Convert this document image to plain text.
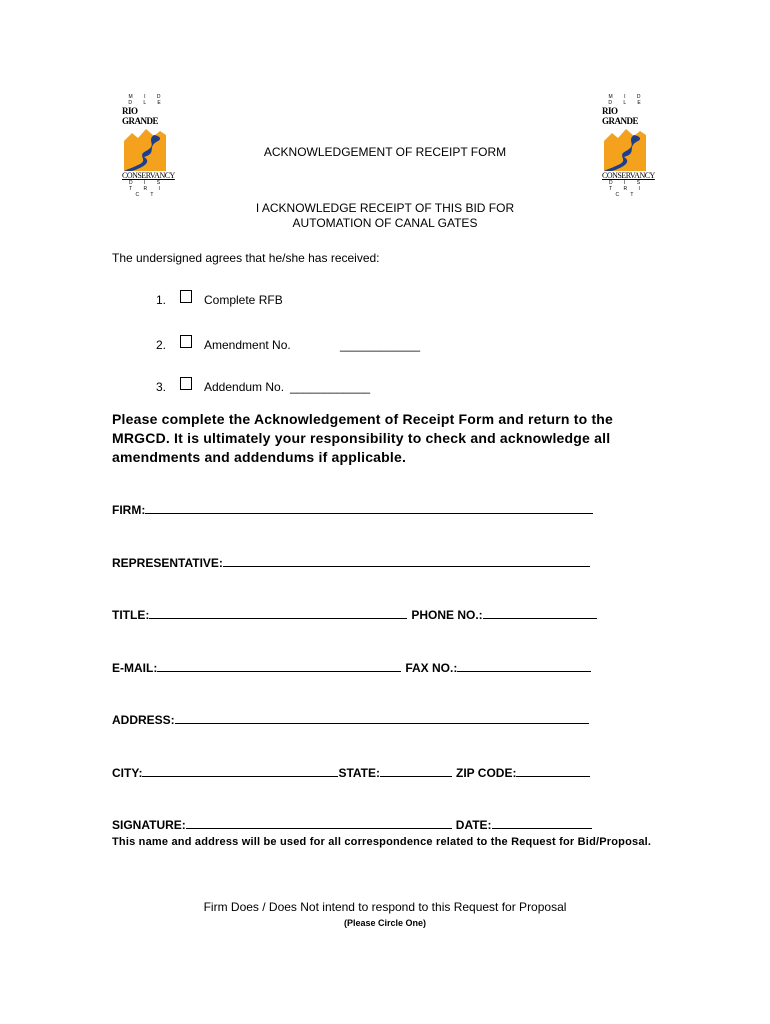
M I D D L E
RIO GRANDE
CONSERVANCY
D I S T R I C T
M I D D L E
RIO GRANDE
CONSERVANCY
D I S T R I C T
ACKNOWLEDGEMENT OF RECEIPT FORM
I ACKNOWLEDGE RECEIPT OF THIS BID FOR
AUTOMATION OF CANAL GATES
The undersigned agrees that he/she has received:
1.	Complete RFB
2.	Amendment No.	____________
3.	Addendum No. ____________
Please complete the Acknowledgement of Receipt Form and return to the MRGCD. It is ultimately your responsibility to check and acknowledge all amendments and addendums if applicable.
FIRM:
REPRESENTATIVE:
TITLE:	PHONE NO.:
E-MAIL:	FAX NO.:
ADDRESS:
CITY:	STATE:	ZIP CODE:
SIGNATURE:	DATE:
This name and address will be used for all correspondence related to the Request for Bid/Proposal.
Firm Does / Does Not intend to respond to this Request for Proposal
(Please Circle One)
